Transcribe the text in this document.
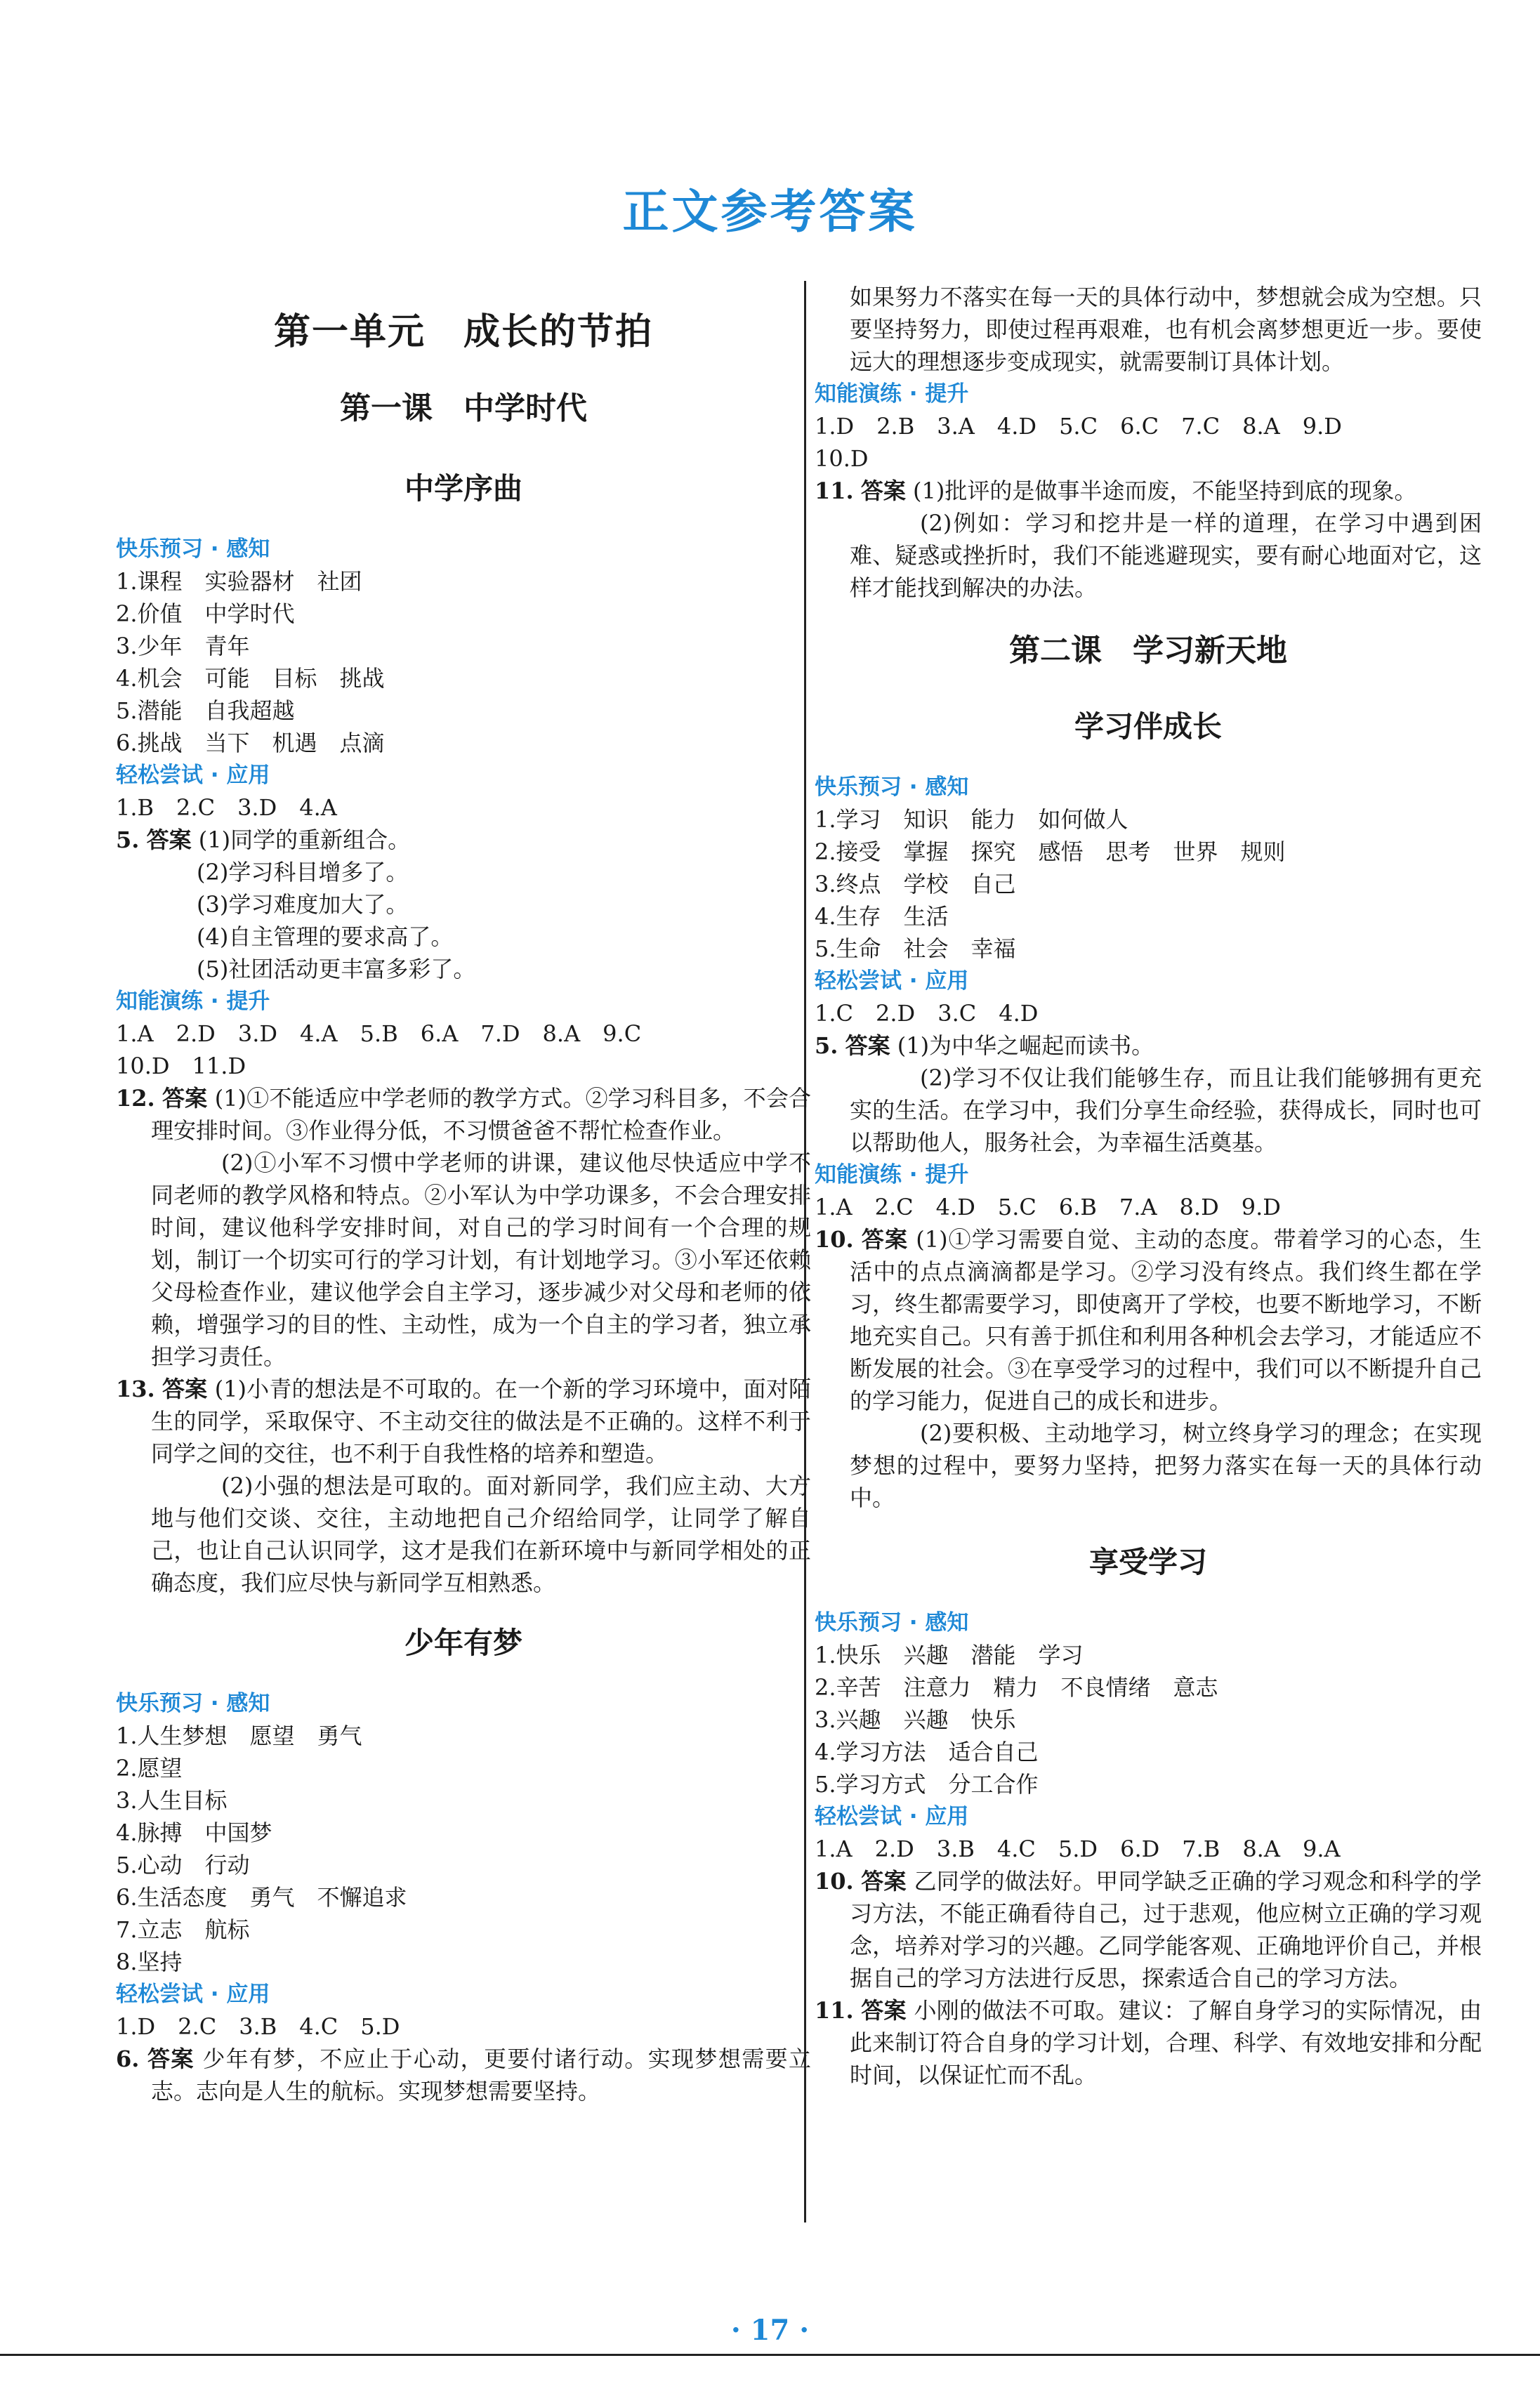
正文参考答案
第一单元　成长的节拍
第一课　中学时代
中学序曲
快乐预习 · 感知
1.课程　实验器材　社团
2.价值　中学时代
3.少年　青年
4.机会　可能　目标　挑战
5.潜能　自我超越
6.挑战　当下　机遇　点滴
轻松尝试 · 应用
1.B　2.C　3.D　4.A
5. 答案 (1)同学的重新组合。
(2)学习科目增多了。
(3)学习难度加大了。
(4)自主管理的要求高了。
(5)社团活动更丰富多彩了。
知能演练 · 提升
1.A　2.D　3.D　4.A　5.B　6.A　7.D　8.A　9.C
10.D　11.D
12. 答案 (1)①不能适应中学老师的教学方式。②学习科目多，不会合理安排时间。③作业得分低，不习惯爸爸不帮忙检查作业。
(2)①小军不习惯中学老师的讲课，建议他尽快适应中学不同老师的教学风格和特点。②小军认为中学功课多，不会合理安排时间，建议他科学安排时间，对自己的学习时间有一个合理的规划，制订一个切实可行的学习计划，有计划地学习。③小军还依赖父母检查作业，建议他学会自主学习，逐步减少对父母和老师的依赖，增强学习的目的性、主动性，成为一个自主的学习者，独立承担学习责任。
13. 答案 (1)小青的想法是不可取的。在一个新的学习环境中，面对陌生的同学，采取保守、不主动交往的做法是不正确的。这样不利于同学之间的交往，也不利于自我性格的培养和塑造。
(2)小强的想法是可取的。面对新同学，我们应主动、大方地与他们交谈、交往，主动地把自己介绍给同学，让同学了解自己，也让自己认识同学，这才是我们在新环境中与新同学相处的正确态度，我们应尽快与新同学互相熟悉。
少年有梦
快乐预习 · 感知
1.人生梦想　愿望　勇气
2.愿望
3.人生目标
4.脉搏　中国梦
5.心动　行动
6.生活态度　勇气　不懈追求
7.立志　航标
8.坚持
轻松尝试 · 应用
1.D　2.C　3.B　4.C　5.D
6. 答案 少年有梦，不应止于心动，更要付诸行动。实现梦想需要立志。志向是人生的航标。实现梦想需要坚持。
如果努力不落实在每一天的具体行动中，梦想就会成为空想。只要坚持努力，即使过程再艰难，也有机会离梦想更近一步。要使远大的理想逐步变成现实，就需要制订具体计划。
知能演练 · 提升
1.D　2.B　3.A　4.D　5.C　6.C　7.C　8.A　9.D
10.D
11. 答案 (1)批评的是做事半途而废，不能坚持到底的现象。
(2)例如：学习和挖井是一样的道理，在学习中遇到困难、疑惑或挫折时，我们不能逃避现实，要有耐心地面对它，这样才能找到解决的办法。
第二课　学习新天地
学习伴成长
快乐预习 · 感知
1.学习　知识　能力　如何做人
2.接受　掌握　探究　感悟　思考　世界　规则
3.终点　学校　自己
4.生存　生活
5.生命　社会　幸福
轻松尝试 · 应用
1.C　2.D　3.C　4.D
5. 答案 (1)为中华之崛起而读书。
(2)学习不仅让我们能够生存，而且让我们能够拥有更充实的生活。在学习中，我们分享生命经验，获得成长，同时也可以帮助他人，服务社会，为幸福生活奠基。
知能演练 · 提升
1.A　2.C　4.D　5.C　6.B　7.A　8.D　9.D
10. 答案 (1)①学习需要自觉、主动的态度。带着学习的心态，生活中的点点滴滴都是学习。②学习没有终点。我们终生都在学习，终生都需要学习，即使离开了学校，也要不断地学习，不断地充实自己。只有善于抓住和利用各种机会去学习，才能适应不断发展的社会。③在享受学习的过程中，我们可以不断提升自己的学习能力，促进自己的成长和进步。
(2)要积极、主动地学习，树立终身学习的理念；在实现梦想的过程中，要努力坚持，把努力落实在每一天的具体行动中。
享受学习
快乐预习 · 感知
1.快乐　兴趣　潜能　学习
2.辛苦　注意力　精力　不良情绪　意志
3.兴趣　兴趣　快乐
4.学习方法　适合自己
5.学习方式　分工合作
轻松尝试 · 应用
1.A　2.D　3.B　4.C　5.D　6.D　7.B　8.A　9.A
10. 答案 乙同学的做法好。甲同学缺乏正确的学习观念和科学的学习方法，不能正确看待自己，过于悲观，他应树立正确的学习观念，培养对学习的兴趣。乙同学能客观、正确地评价自己，并根据自己的学习方法进行反思，探索适合自己的学习方法。
11. 答案 小刚的做法不可取。建议：了解自身学习的实际情况，由此来制订符合自身的学习计划，合理、科学、有效地安排和分配时间，以保证忙而不乱。
· 17 ·
